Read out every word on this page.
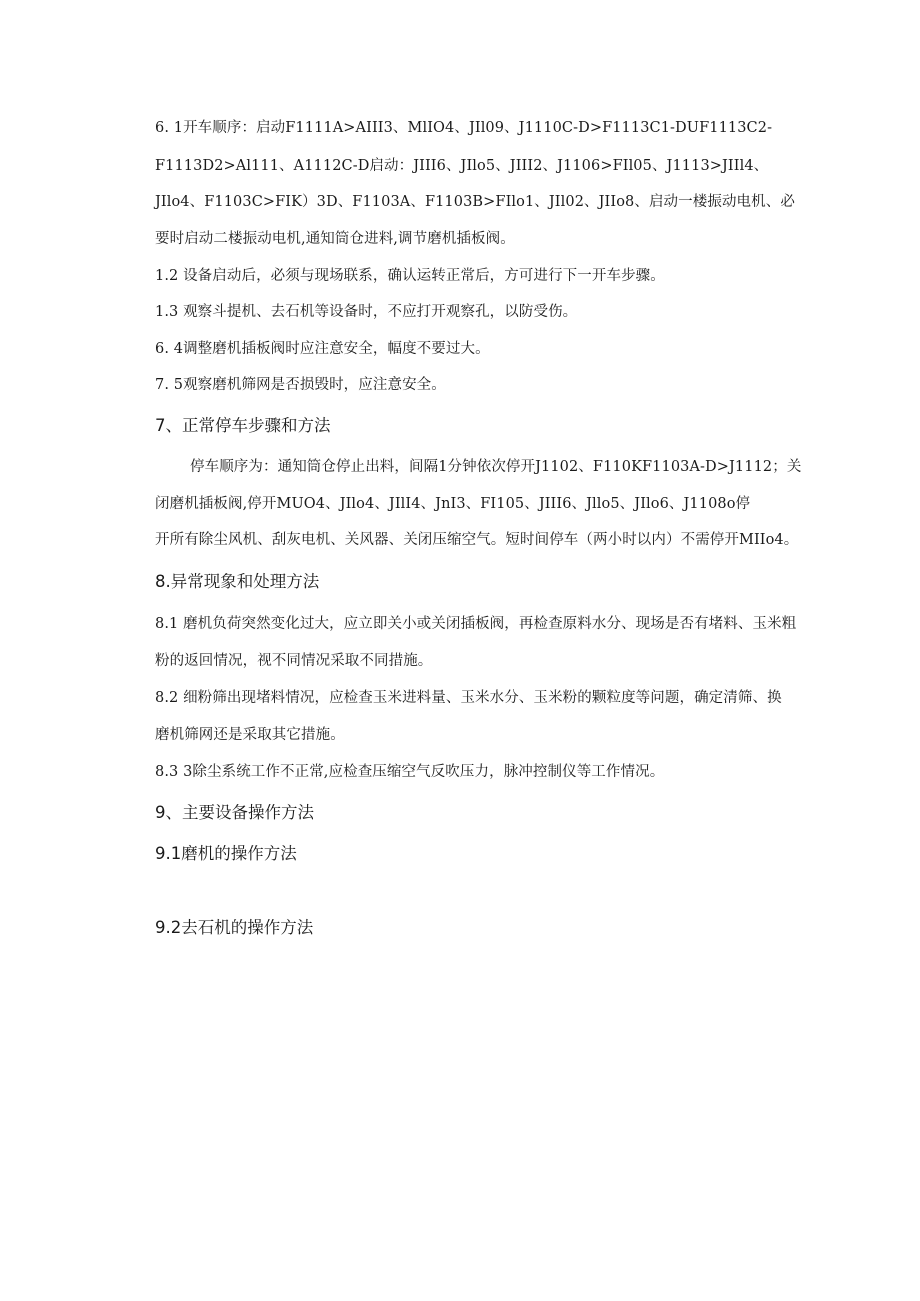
6. 1开车顺序：启动F1111A>AIII3、MlIO4、JIl09、J1110C-D>F1113C1-DUF1113C2-
F1113D2>Al111、A1112C-D启动：JIII6、JIlo5、JIII2、J1106>FIl05、J1113>JIIl4、
JIlo4、F1103C>FIK）3D、F1103A、F1103B>FIlo1、JIl02、JIIo8、启动一楼振动电机、必
要时启动二楼振动电机,通知筒仓进料,调节磨机插板阀。
1.2 设备启动后，必须与现场联系，确认运转正常后，方可进行下一开车步骤。
1.3 观察斗提机、去石机等设备时，不应打开观察孔，以防受伤。
6. 4调整磨机插板阀时应注意安全，幅度不要过大。
7. 5观察磨机筛网是否损毁时，应注意安全。
7、正常停车步骤和方法
停车顺序为：通知筒仓停止出料，间隔1分钟依次停开J1102、F110KF1103A-D>J1112；关
闭磨机插板阀,停开MUO4、JIlo4、JIlI4、JnI3、FI105、JIII6、Jllo5、JIlo6、J1108o停
开所有除尘风机、刮灰电机、关风器、关闭压缩空气。短时间停车（两小时以内）不需停开MIIo4。
8.异常现象和处理方法
8.1 磨机负荷突然变化过大，应立即关小或关闭插板阀，再检查原料水分、现场是否有堵料、玉米粗
粉的返回情况，视不同情况采取不同措施。
8.2 细粉筛出现堵料情况，应检查玉米进料量、玉米水分、玉米粉的颗粒度等问题，确定清筛、换
磨机筛网还是采取其它措施。
8.3 3除尘系统工作不正常,应检查压缩空气反吹压力，脉冲控制仪等工作情况。
9、主要设备操作方法
9.1磨机的操作方法
9.2去石机的操作方法
